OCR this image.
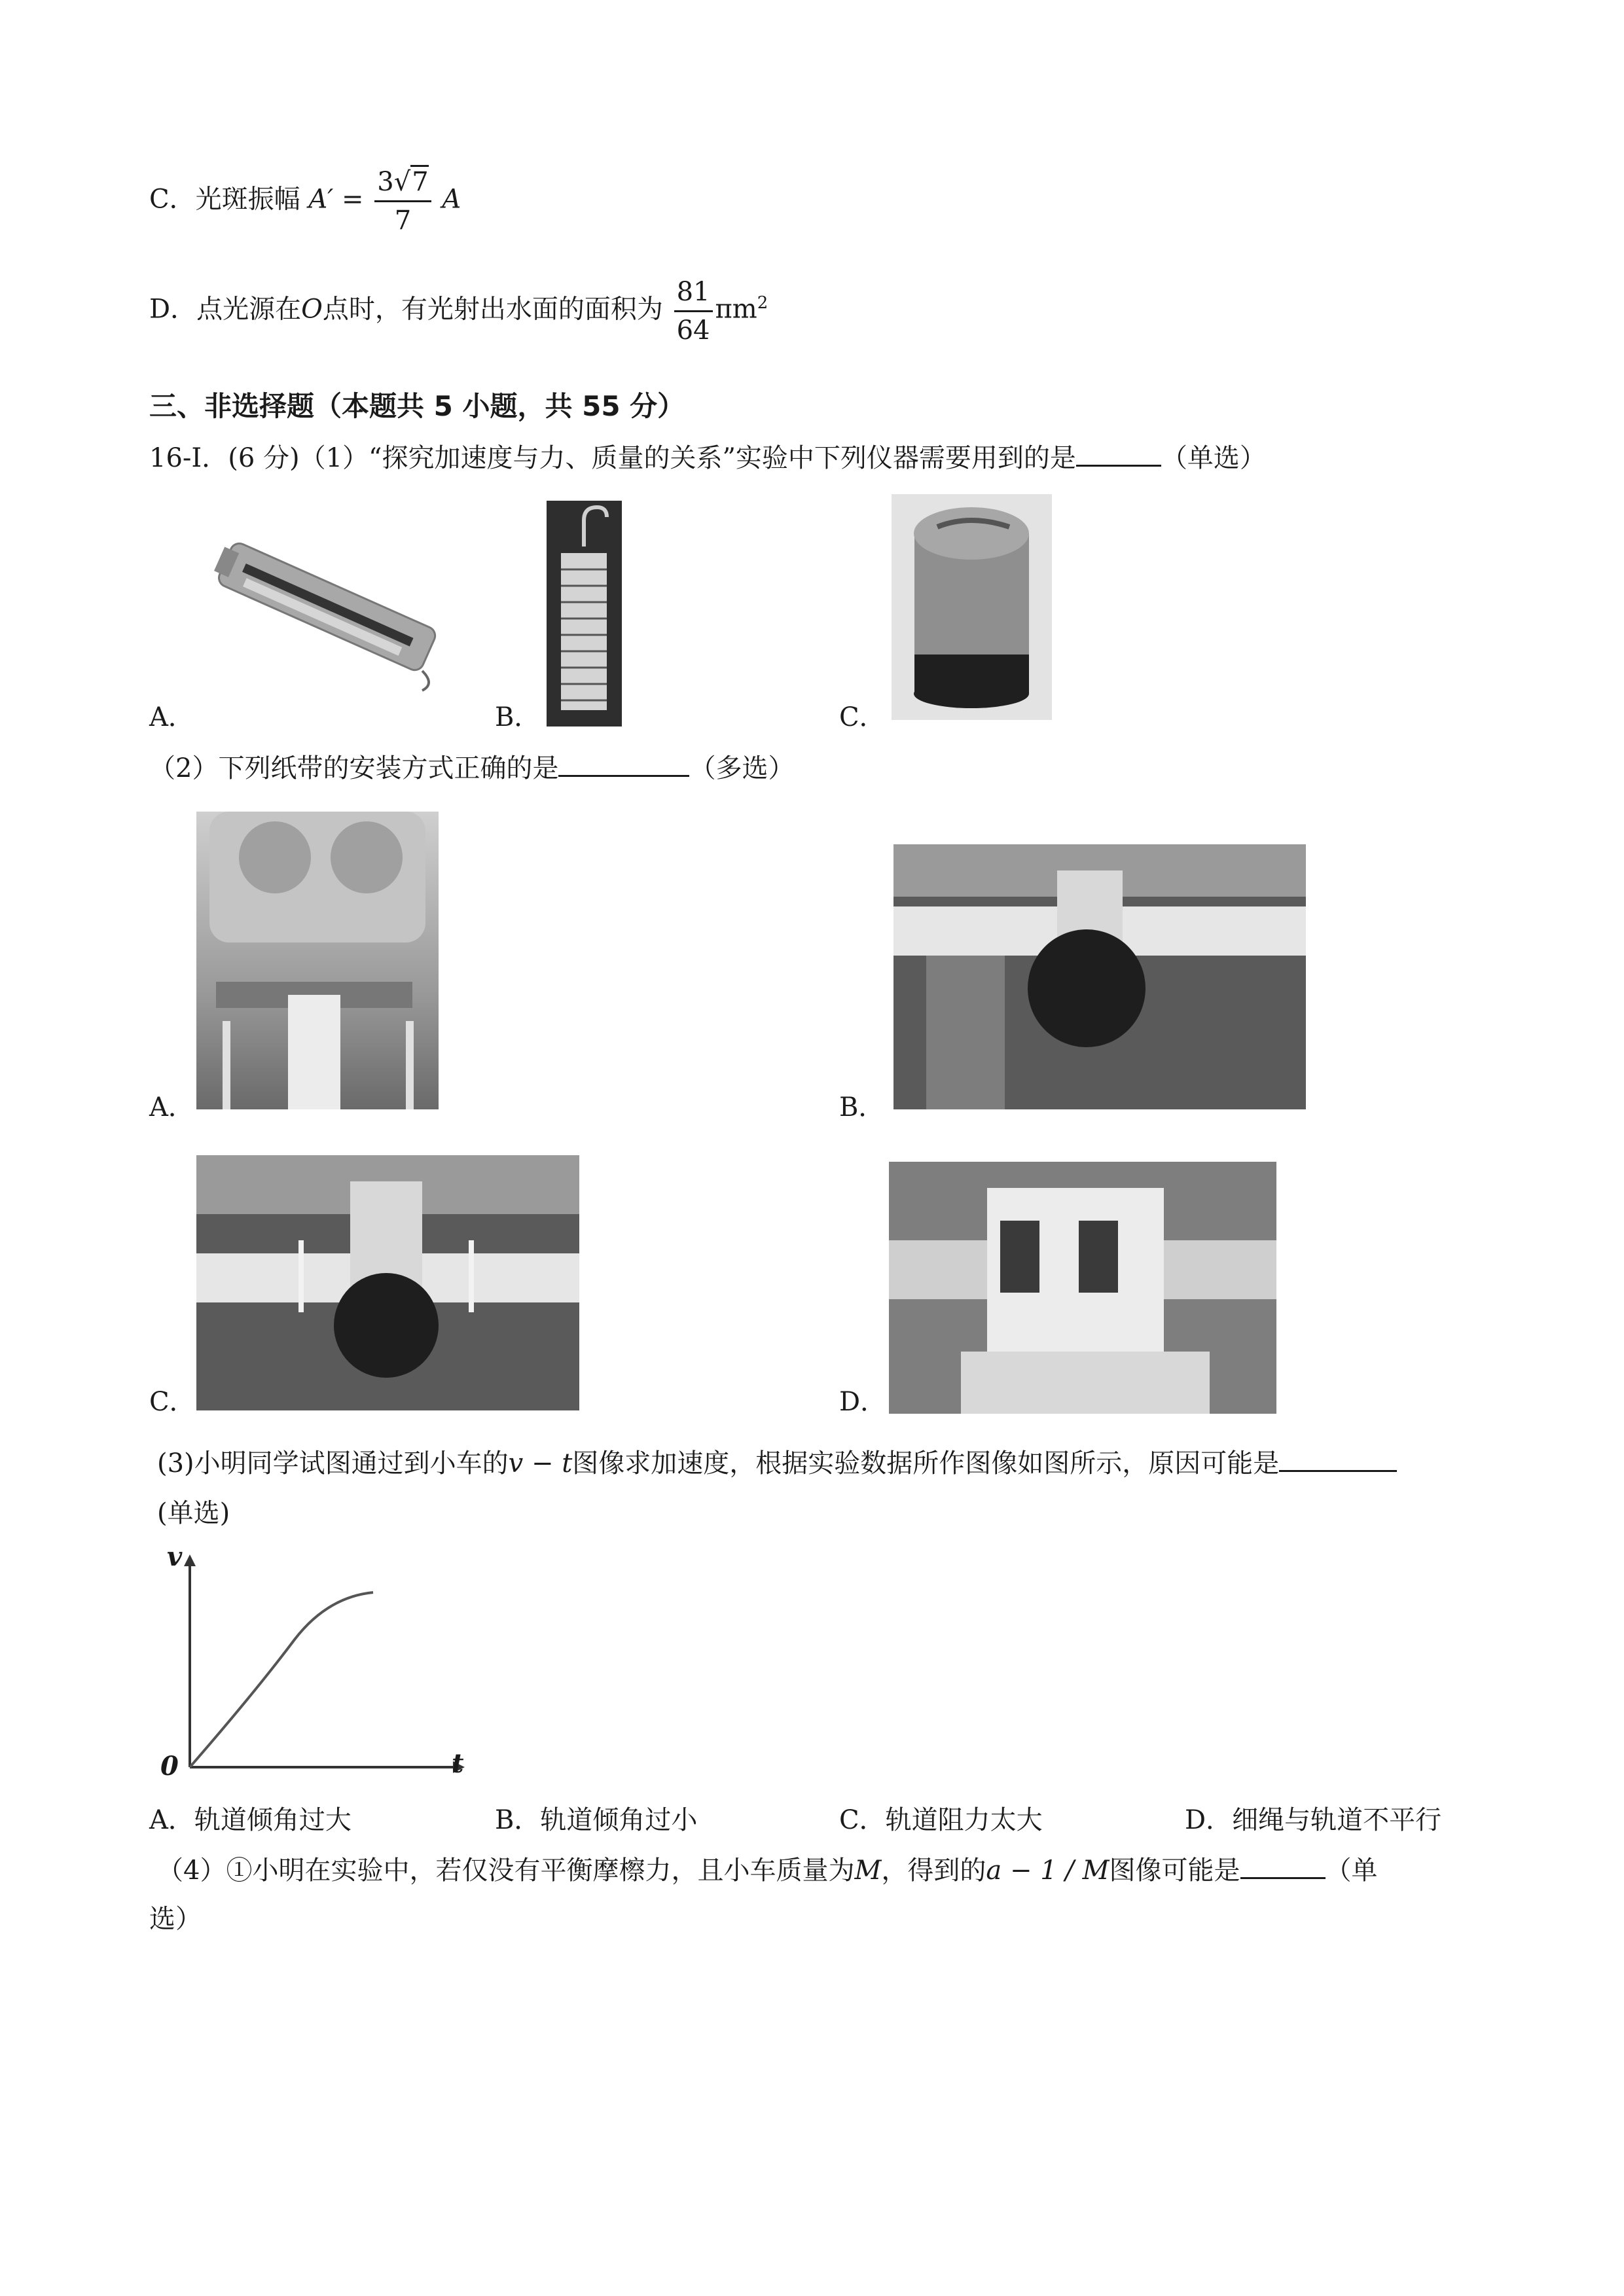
C．光斑振幅 $A' = \frac{3√7}{7}$ A
D．点光源在O点时，有光射出水面的面积为 $\frac{81}{64} \pi m^2$
三、非选择题（本题共 5 小题，共 55 分）
16-Ⅰ．(6 分)（1）“探究加速度与力、质量的关系”实验中下列仪器需要用到的是	（单选）
A．	B．	C．
（2）下列纸带的安装方式正确的是	（多选）
A．	B．
C．	D．
(3)小明同学试图通过到小车的v − t图像求加速度，根据实验数据所作图像如图所示，原因可能是
(单选)
v
t
0
A．轨道倾角过大	B．轨道倾角过小	C．轨道阻力太大	D．细绳与轨道不平行
（4）①小明在实验中，若仅没有平衡摩檫力，且小车质量为M，得到的a − 1 / M图像可能是	（单
选）
